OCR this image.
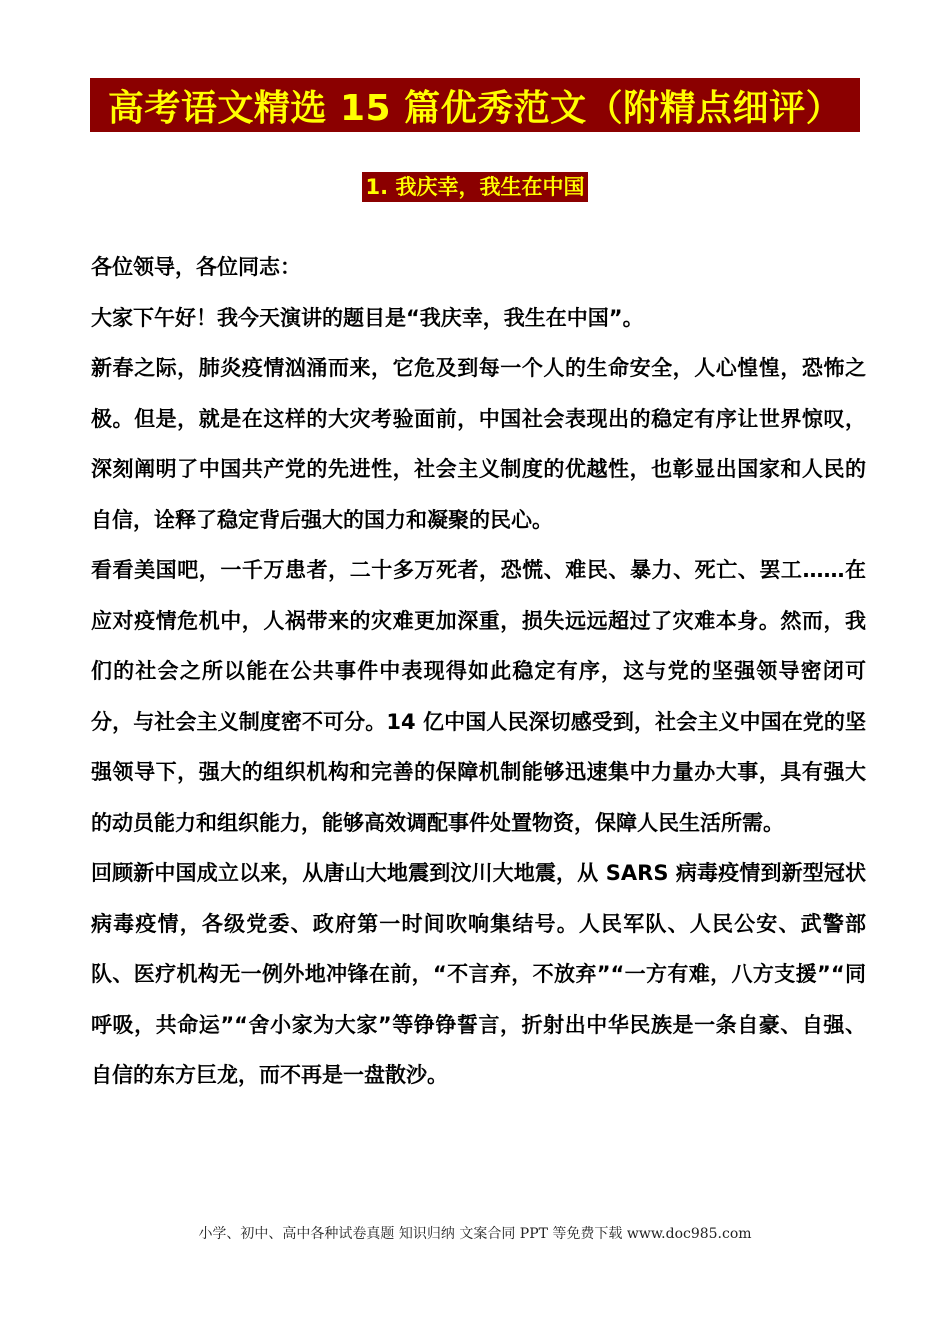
高考语文精选 15 篇优秀范文（附精点细评）
1. 我庆幸，我生在中国

各位领导，各位同志：

大家下午好！我今天演讲的题目是“我庆幸，我生在中国”。

新春之际，肺炎疫情汹涌而来，它危及到每一个人的生命安全，人心惶惶，恐怖之极。但是，就是在这样的大灾考验面前，中国社会表现出的稳定有序让世界惊叹，深刻阐明了中国共产党的先进性，社会主义制度的优越性，也彰显出国家和人民的自信，诠释了稳定背后强大的国力和凝聚的民心。

看看美国吧，一千万患者，二十多万死者，恐慌、难民、暴力、死亡、罢工……在应对疫情危机中，人祸带来的灾难更加深重，损失远远超过了灾难本身。然而，我们的社会之所以能在公共事件中表现得如此稳定有序，这与党的坚强领导密闭可分，与社会主义制度密不可分。14 亿中国人民深切感受到，社会主义中国在党的坚强领导下，强大的组织机构和完善的保障机制能够迅速集中力量办大事，具有强大的动员能力和组织能力，能够高效调配事件处置物资，保障人民生活所需。

回顾新中国成立以来，从唐山大地震到汶川大地震，从 SARS 病毒疫情到新型冠状病毒疫情，各级党委、政府第一时间吹响集结号。人民军队、人民公安、武警部队、医疗机构无一例外地冲锋在前，“不言弃，不放弃”“一方有难，八方支援”“同呼吸，共命运”“舍小家为大家”等铮铮誓言，折射出中华民族是一条自豪、自强、自信的东方巨龙，而不再是一盘散沙。

小学、初中、高中各种试卷真题 知识归纳 文案合同 PPT 等免费下载 www.doc985.com
